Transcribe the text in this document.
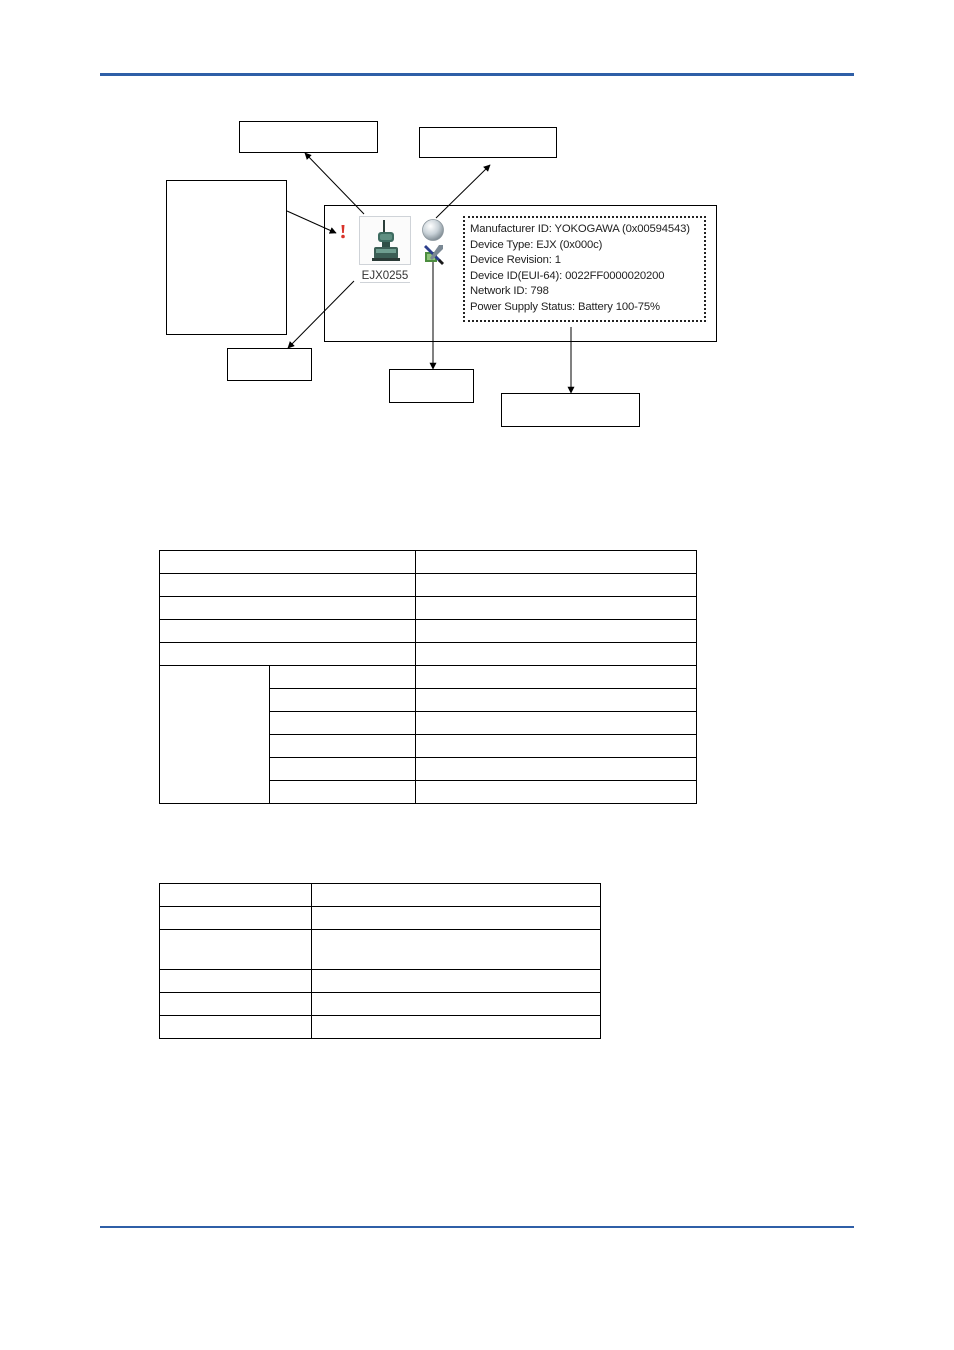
Manufacturer ID: YOKOGAWA (0x00594543)
Device Type: EJX (0x000c)
Device Revision: 1
Device ID(EUI-64): 0022FF0000020200
Network ID: 798
Power Supply Status: Battery 100-75%
EJX0255
